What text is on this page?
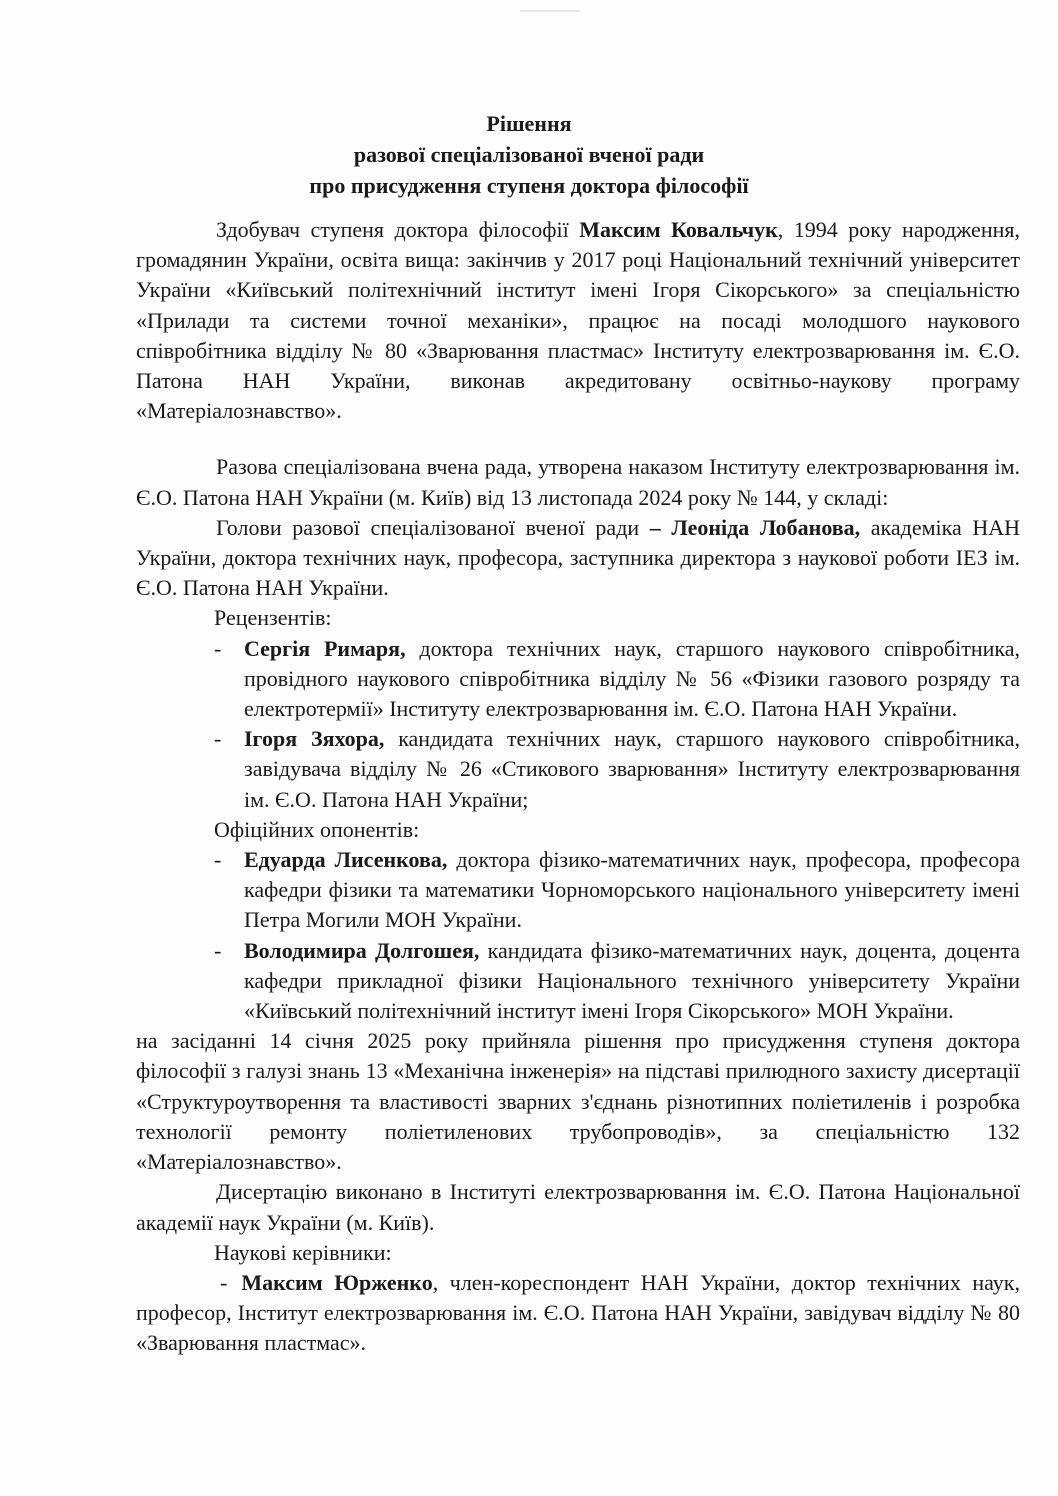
Рішення
разової спеціалізованої вченої ради
про присудження ступеня доктора філософії

Здобувач ступеня доктора філософії Максим Ковальчук, 1994 року народження, громадянин України, освіта вища: закінчив у 2017 році Національний технічний університет України «Київський політехнічний інститут імені Ігоря Сікорського» за спеціальністю «Прилади та системи точної механіки», працює на посаді молодшого наукового співробітника відділу № 80 «Зварювання пластмас» Інституту електрозварювання ім. Є.О. Патона НАН України, виконав акредитовану освітньо-наукову програму «Матеріалознавство».

Разова спеціалізована вчена рада, утворена наказом Інституту електрозварювання ім. Є.О. Патона НАН України (м. Київ) від 13 листопада 2024 року № 144, у складі:

Голови разової спеціалізованої вченої ради – Леоніда Лобанова, академіка НАН України, доктора технічних наук, професора, заступника директора з наукової роботи ІЕЗ ім. Є.О. Патона НАН України.

Рецензентів:

- Сергія Римаря, доктора технічних наук, старшого наукового співробітника, провідного наукового співробітника відділу № 56 «Фізики газового розряду та електротермії» Інституту електрозварювання ім. Є.О. Патона НАН України.

- Ігоря Зяхора, кандидата технічних наук, старшого наукового співробітника, завідувача відділу № 26 «Стикового зварювання» Інституту електрозварювання ім. Є.О. Патона НАН України;

Офіційних опонентів:

- Едуарда Лисенкова, доктора фізико-математичних наук, професора, професора кафедри фізики та математики Чорноморського національного університету імені Петра Могили МОН України.

- Володимира Долгошея, кандидата фізико-математичних наук, доцента, доцента кафедри прикладної фізики Національного технічного університету України «Київський політехнічний інститут імені Ігоря Сікорського» МОН України.

на засіданні 14 січня 2025 року прийняла рішення про присудження ступеня доктора філософії з галузі знань 13 «Механічна інженерія» на підставі прилюдного захисту дисертації «Структуроутворення та властивості зварних з'єднань різнотипних поліетиленів і розробка технології ремонту поліетиленових трубопроводів», за спеціальністю 132 «Матеріалознавство».

Дисертацію виконано в Інституті електрозварювання ім. Є.О. Патона Національної академії наук України (м. Київ).

Наукові керівники:

- Максим Юрженко, член-кореспондент НАН України, доктор технічних наук, професор, Інститут електрозварювання ім. Є.О. Патона НАН України, завідувач відділу № 80 «Зварювання пластмас».
